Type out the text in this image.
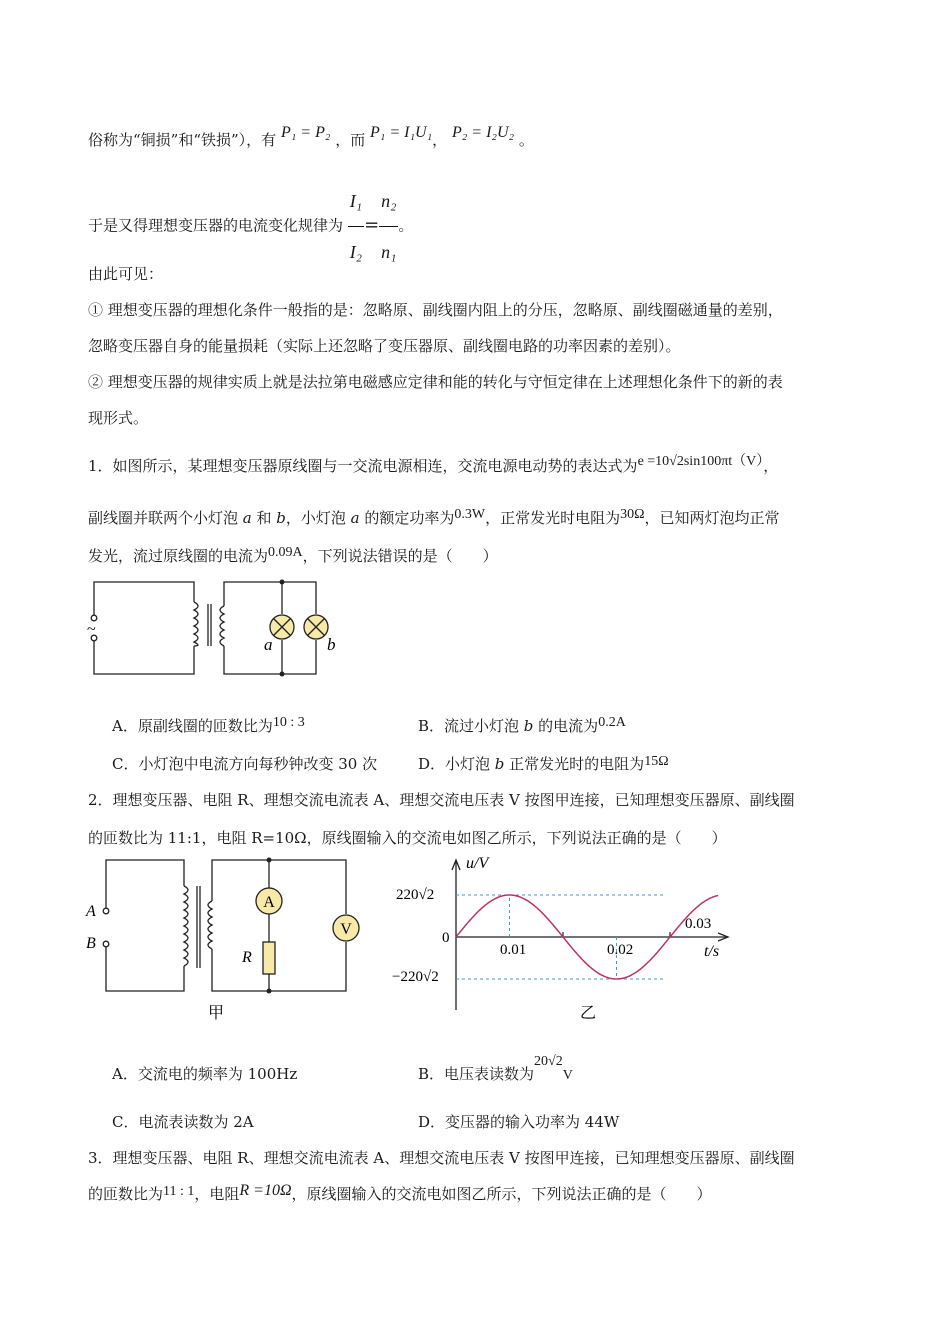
俗称为“铜损”和“铁损”），有 P₁ = P₂ ，而 P₁ = I₁U₁， P₂ = I₂U₂ 。
于是又得理想变压器的电流变化规律为 $\frac{\text{I₁}}{\text{I₂}} = \frac{\text{n₂}}{\text{n₁}}$ 。
由此可见：
① 理想变压器的理想化条件一般指的是：忽略原、副线圈内阻上的分压，忽略原、副线圈磁通量的差别，
忽略变压器自身的能量损耗（实际上还忽略了变压器原、副线圈电路的功率因素的差别）。
② 理想变压器的规律实质上就是法拉第电磁感应定律和能的转化与守恒定律在上述理想化条件下的新的表
现形式。
1．如图所示，某理想变压器原线圈与一交流电源相连，交流电源电动势的表达式为e =10√2sin100πt（V），
副线圈并联两个小灯泡 a 和 b，小灯泡 a 的额定功率为0.3W，正常发光时电阻为30Ω，已知两灯泡均正常
发光，流过原线圈的电流为0.09A，下列说法错误的是（　　）
~
a	b
A．原副线圈的匝数比为10 : 3	B．流过小灯泡 b 的电流为0.2A
C．小灯泡中电流方向每秒钟改变 30 次	D．小灯泡 b 正常发光时的电阻为15Ω
2．理想变压器、电阻 R、理想交流电流表 A、理想交流电压表 V 按图甲连接，已知理想变压器原、副线圈
的匝数比为 11:1，电阻 R=10Ω，原线圈输入的交流电如图乙所示，下列说法正确的是（　　）
A
V
A
B
R
甲
u/V
220√2
0
−220√2
0.01	0.02
0.03
t/s
乙
A．交流电的频率为 100Hz	B．电压表读数为20√2V
C．电流表读数为 2A	D．变压器的输入功率为 44W
3．理想变压器、电阻 R、理想交流电流表 A、理想交流电压表 V 按图甲连接，已知理想变压器原、副线圈
的匝数比为11 : 1，电阻R =10Ω，原线圈输入的交流电如图乙所示，下列说法正确的是（　　）
